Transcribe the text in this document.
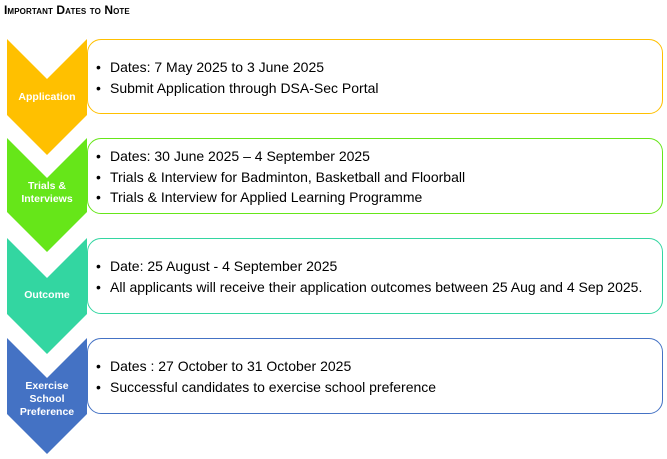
Important Dates to Note
Application
• Dates: 7 May 2025 to 3 June 2025
• Submit Application through DSA-Sec Portal
Trials & Interviews
• Dates: 30 June 2025 – 4 September 2025
• Trials & Interview for Badminton, Basketball and Floorball
• Trials & Interview for Applied Learning Programme
Outcome
• Date: 25 August - 4 September 2025
• All applicants will receive their application outcomes between 25 Aug and 4 Sep 2025.
Exercise School Preference
• Dates : 27 October to 31 October 2025
• Successful candidates to exercise school preference
